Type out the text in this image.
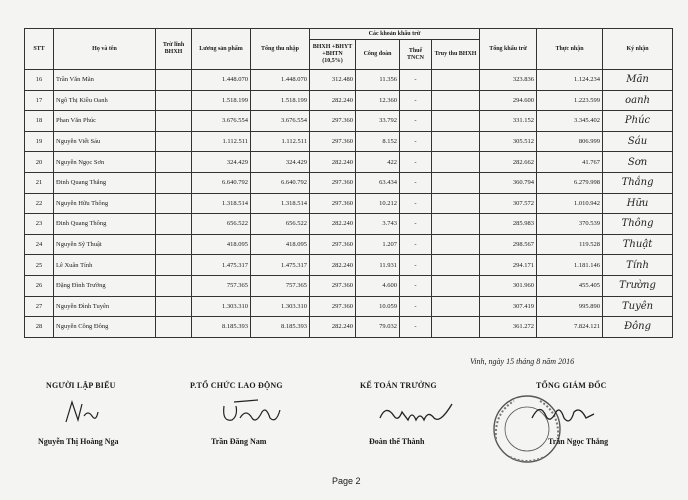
STT	Họ và tên	Trừ lĩnh BHXH	Lương sản phẩm	Tổng thu nhập	Các khoản khấu trừ				Tổng khấu trừ	Thực nhận	Ký nhận
					BHXH +BHYT +BHTN (10,5%)	Công đoàn	Thuế TNCN	Truy thu BHXH			
16	Trần Văn Mãn		1.448.070	1.448.070	312.480	11.356	-		323.836	1.124.234	Mãn
17	Ngô Thị Kiều Oanh		1.518.199	1.518.199	282.240	12.360	-		294.600	1.223.599	oanh
18	Phan Văn Phúc		3.676.554	3.676.554	297.360	33.792	-		331.152	3.345.402	Phúc
19	Nguyễn Viết Sáu		1.112.511	1.112.511	297.360	8.152	-		305.512	806.999	Sáu
20	Nguyễn Ngọc Sơn		324.429	324.429	282.240	422	-		282.662	41.767	Sơn
21	Đinh Quang Thắng		6.640.792	6.640.792	297.360	63.434	-		360.794	6.279.998	Thắng
22	Nguyễn Hữu Thông		1.318.514	1.318.514	297.360	10.212	-		307.572	1.010.942	Hữu
23	Đinh Quang Thông		656.522	656.522	282.240	3.743	-		285.983	370.539	Thông
24	Nguyễn Sỹ Thuật		418.095	418.095	297.360	1.207	-		298.567	119.528	Thuật
25	Lê Xuân Tính		1.475.317	1.475.317	282.240	11.931	-		294.171	1.181.146	Tính
26	Đặng Đình Trường		757.365	757.365	297.360	4.600	-		301.960	455.405	Trường
27	Nguyễn Đình Tuyên		1.303.310	1.303.310	297.360	10.059	-		307.419	995.890	Tuyên
28	Nguyễn Công Đông		8.185.393	8.185.393	282.240	79.032	-		361.272	7.824.121	Đông
Vinh, ngày 15 tháng 8 năm 2016
NGƯỜI LẬP BIỂU	P.TỔ CHỨC LAO ĐỘNG	KẾ TOÁN TRƯỞNG	TỔNG GIÁM ĐỐC
Nguyễn Thị Hoàng Nga	Trần Đăng Nam	Đoàn thế Thành	Trần Ngọc Thắng
Page 2
